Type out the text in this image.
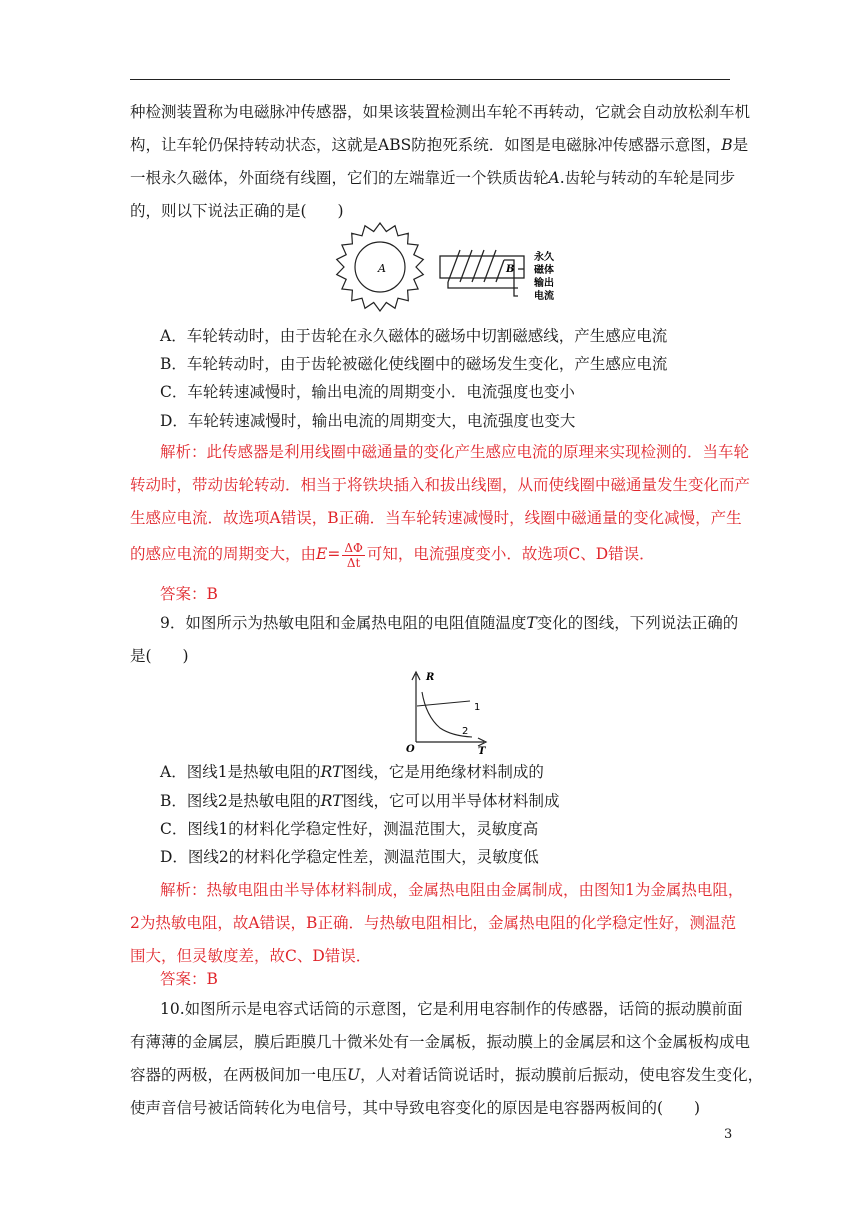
种检测装置称为电磁脉冲传感器，如果该装置检测出车轮不再转动，它就会自动放松刹车机
构，让车轮仍保持转动状态，这就是ABS防抱死系统．如图是电磁脉冲传感器示意图，B是
一根永久磁体，外面绕有线圈，它们的左端靠近一个铁质齿轮A.齿轮与转动的车轮是同步
的，则以下说法正确的是(　　)
A	B
永久
磁体
输出
电流
A．车轮转动时，由于齿轮在永久磁体的磁场中切割磁感线，产生感应电流
B．车轮转动时，由于齿轮被磁化使线圈中的磁场发生变化，产生感应电流
C．车轮转速减慢时，输出电流的周期变小．电流强度也变小
D．车轮转速减慢时，输出电流的周期变大，电流强度也变大
解析：此传感器是利用线圈中磁通量的变化产生感应电流的原理来实现检测的．当车轮
转动时，带动齿轮转动．相当于将铁块插入和拔出线圈，从而使线圈中磁通量发生变化而产
生感应电流．故选项A错误，B正确．当车轮转速减慢时，线圈中磁通量的变化减慢，产生
的感应电流的周期变大，由$E= \frac{\Delta\Phi}{\Delta t}$ 可知，电流强度变小．故选项C、D错误．
答案：B
9．如图所示为热敏电阻和金属热电阻的电阻值随温度T变化的图线，下列说法正确的
是(　　)
R
T
O
1
2
A．图线1是热敏电阻的RT图线，它是用绝缘材料制成的
B．图线2是热敏电阻的RT图线，它可以用半导体材料制成
C．图线1的材料化学稳定性好，测温范围大，灵敏度高
D．图线2的材料化学稳定性差，测温范围大，灵敏度低
解析：热敏电阻由半导体材料制成，金属热电阻由金属制成，由图知1为金属热电阻，
2为热敏电阻，故A错误，B正确．与热敏电阻相比，金属热电阻的化学稳定性好，测温范
围大，但灵敏度差，故C、D错误．
答案：B
10.如图所示是电容式话筒的示意图，它是利用电容制作的传感器，话筒的振动膜前面
有薄薄的金属层，膜后距膜几十微米处有一金属板，振动膜上的金属层和这个金属板构成电
容器的两极，在两极间加一电压U，人对着话筒说话时，振动膜前后振动，使电容发生变化，
使声音信号被话筒转化为电信号，其中导致电容变化的原因是电容器两板间的(　　)
3
